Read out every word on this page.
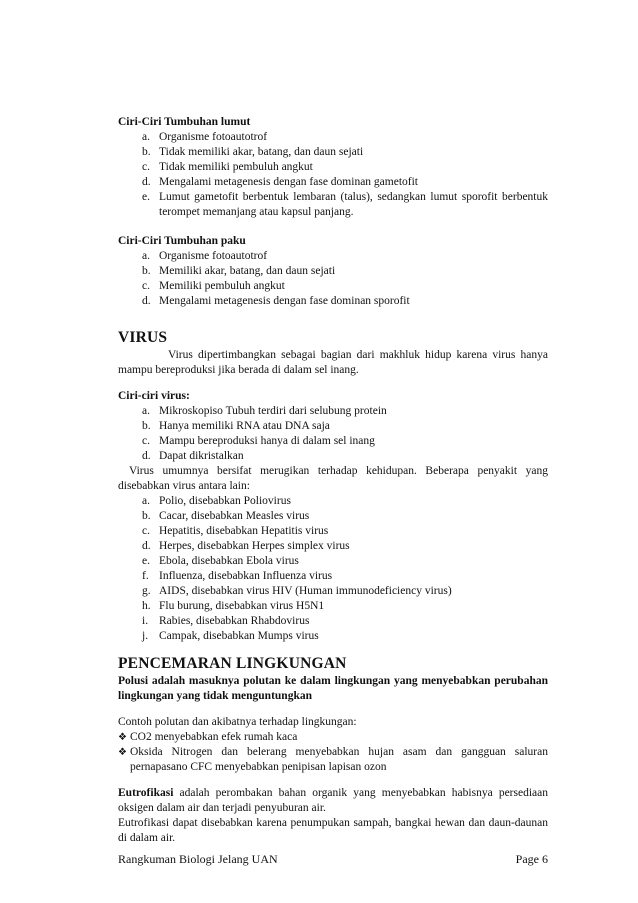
Ciri-Ciri Tumbuhan lumut

a. Organisme fotoautotrof
b. Tidak memiliki akar, batang, dan daun sejati
c. Tidak memiliki pembuluh angkut
d. Mengalami metagenesis dengan fase dominan gametofit
e. Lumut gametofit berbentuk lembaran (talus), sedangkan lumut sporofit berbentuk terompet memanjang atau kapsul panjang.

Ciri-Ciri Tumbuhan paku

a. Organisme fotoautotrof
b. Memiliki akar, batang, dan daun sejati
c. Memiliki pembuluh angkut
d. Mengalami metagenesis dengan fase dominan sporofit

VIRUS

Virus dipertimbangkan sebagai bagian dari makhluk hidup karena virus hanya mampu bereproduksi jika berada di dalam sel inang.

Ciri-ciri virus:

a. Mikroskopiso Tubuh terdiri dari selubung protein
b. Hanya memiliki RNA atau DNA saja
c. Mampu bereproduksi hanya di dalam sel inang
d. Dapat dikristalkan

Virus umumnya bersifat merugikan terhadap kehidupan. Beberapa penyakit yang disebabkan virus antara lain:

a. Polio, disebabkan Poliovirus
b. Cacar, disebabkan Measles virus
c. Hepatitis, disebabkan Hepatitis virus
d. Herpes, disebabkan Herpes simplex virus
e. Ebola, disebabkan Ebola virus
f. Influenza, disebabkan Influenza virus
g. AIDS, disebabkan virus HIV (Human immunodeficiency virus)
h. Flu burung, disebabkan virus H5N1
i. Rabies, disebabkan Rhabdovirus
j. Campak, disebabkan Mumps virus

PENCEMARAN LINGKUNGAN

Polusi adalah masuknya polutan ke dalam lingkungan yang menyebabkan perubahan lingkungan yang tidak menguntungkan

Contoh polutan dan akibatnya terhadap lingkungan:

❖ CO2 menyebabkan efek rumah kaca
❖ Oksida Nitrogen dan belerang menyebabkan hujan asam dan gangguan saluran pernapasano CFC menyebabkan penipisan lapisan ozon

Eutrofikasi adalah perombakan bahan organik yang menyebabkan habisnya persediaan oksigen dalam air dan terjadi penyuburan air.

Eutrofikasi dapat disebabkan karena penumpukan sampah, bangkai hewan dan daun-daunan di dalam air.

Rangkuman Biologi Jelang UAN	Page 6
